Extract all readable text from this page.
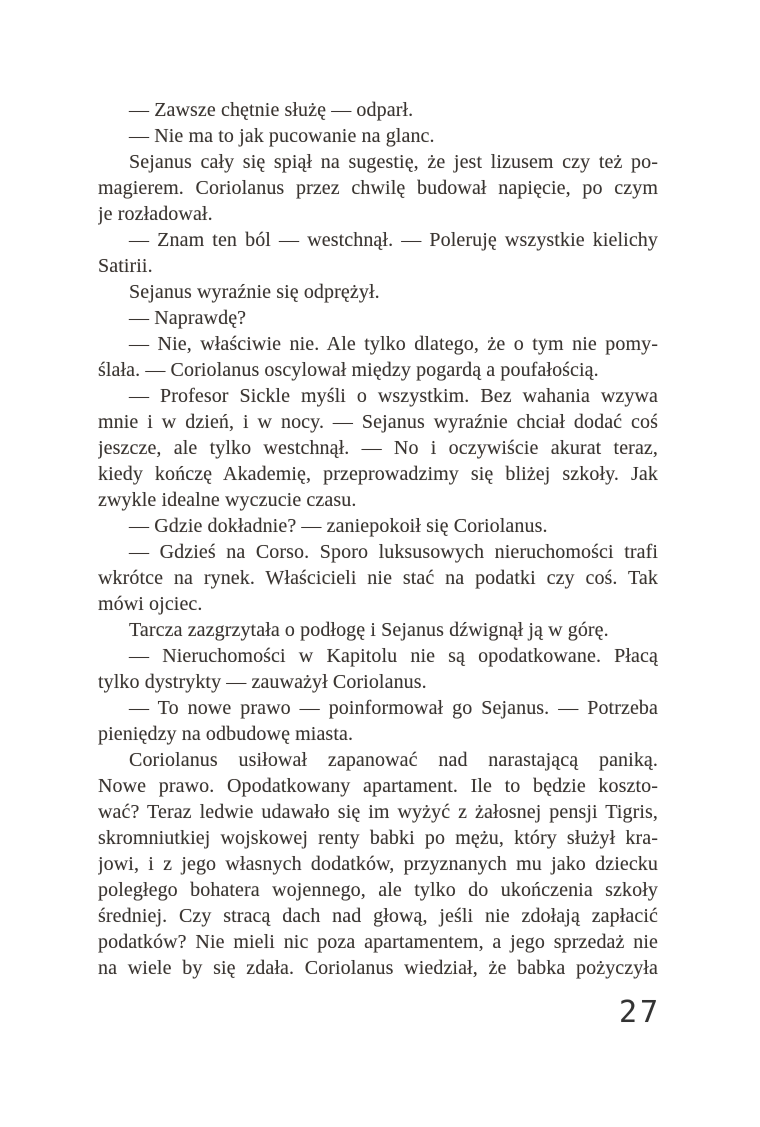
— Zawsze chętnie służę — odparł.
— Nie ma to jak pucowanie na glanc.
Sejanus cały się spiął na sugestię, że jest lizusem czy też po-
magierem. Coriolanus przez chwilę budował napięcie, po czym
je rozładował.
— Znam ten ból — westchnął. — Poleruję wszystkie kielichy
Satirii.
Sejanus wyraźnie się odprężył.
— Naprawdę?
— Nie, właściwie nie. Ale tylko dlatego, że o tym nie pomy-
ślała. — Coriolanus oscylował między pogardą a poufałością.
— Profesor Sickle myśli o wszystkim. Bez wahania wzywa
mnie i w dzień, i w nocy. — Sejanus wyraźnie chciał dodać coś
jeszcze, ale tylko westchnął. — No i oczywiście akurat teraz,
kiedy kończę Akademię, przeprowadzimy się bliżej szkoły. Jak
zwykle idealne wyczucie czasu.
— Gdzie dokładnie? — zaniepokoił się Coriolanus.
— Gdzieś na Corso. Sporo luksusowych nieruchomości trafi
wkrótce na rynek. Właścicieli nie stać na podatki czy coś. Tak
mówi ojciec.
Tarcza zazgrzytała o podłogę i Sejanus dźwignął ją w górę.
— Nieruchomości w Kapitolu nie są opodatkowane. Płacą
tylko dystrykty — zauważył Coriolanus.
— To nowe prawo — poinformował go Sejanus. — Potrzeba
pieniędzy na odbudowę miasta.
Coriolanus usiłował zapanować nad narastającą paniką.
Nowe prawo. Opodatkowany apartament. Ile to będzie koszto-
wać? Teraz ledwie udawało się im wyżyć z żałosnej pensji Tigris,
skromniutkiej wojskowej renty babki po mężu, który służył kra-
jowi, i z jego własnych dodatków, przyznanych mu jako dziecku
poległego bohatera wojennego, ale tylko do ukończenia szkoły
średniej. Czy stracą dach nad głową, jeśli nie zdołają zapłacić
podatków? Nie mieli nic poza apartamentem, a jego sprzedaż nie
na wiele by się zdała. Coriolanus wiedział, że babka pożyczyła
27
